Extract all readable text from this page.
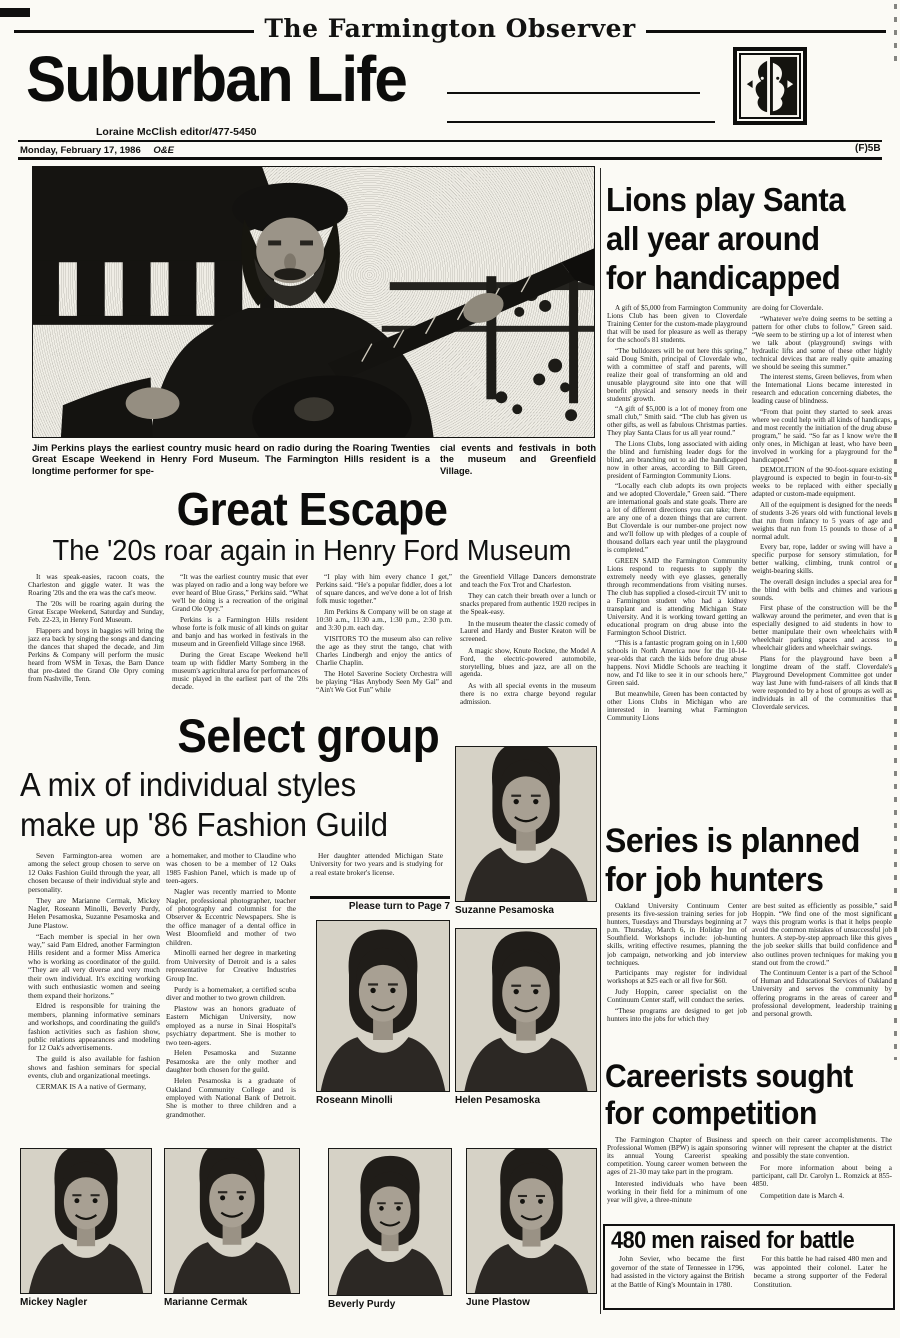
The Farmington Observer
Suburban Life
Loraine McClish editor/477-5450
Monday, February 17, 1986 O&E	(F)5B
Jim Perkins plays the earliest country music heard on radio during the Roaring Twenties Great Escape Weekend in Henry Ford Museum. The Farmington Hills resident is a longtime performer for spe-
cial events and festivals in both the museum and Greenfield Village.
Great Escape
The '20s roar again in Henry Ford Museum

It was speak-easies, racoon coats, the Charleston and giggle water. It was the Roaring '20s and the era was the cat's meow.

The '20s will be roaring again during the Great Escape Weekend, Saturday and Sunday, Feb. 22-23, in Henry Ford Museum.

Flappers and boys in baggies will bring the jazz era back by singing the songs and dancing the dances that shaped the decade, and Jim Perkins & Company will perform the music heard from WSM in Texas, the Barn Dance that pre-dated the Grand Ole Opry coming from Nashville, Tenn.

“It was the earliest country music that ever was played on radio and a long way before we ever heard of Blue Grass,” Perkins said. “What we'll be doing is a recreation of the original Grand Ole Opry.”

Perkins is a Farmington Hills resident whose forte is folk music of all kinds on guitar and banjo and has worked in festivals in the museum and in Greenfield Village since 1968.

During the Great Escape Weekend he'll team up with fiddler Marty Somberg in the museum's agricultural area for performances of music played in the earliest part of the '20s decade.

“I play with him every chance I get,” Perkins said. “He's a popular fiddler, does a lot of square dances, and we've done a lot of Irish folk music together.”

Jim Perkins & Company will be on stage at 10:30 a.m., 11:30 a.m., 1:30 p.m., 2:30 p.m. and 3:30 p.m. each day.

VISITORS TO the museum also can relive the age as they strut the tango, chat with Charles Lindbergh and enjoy the antics of Charlie Chaplin.

The Hotel Saverine Society Orchestra will be playing “Has Anybody Seen My Gal” and “Ain't We Got Fun” while

the Greenfield Village Dancers demonstrate and teach the Fox Trot and Charleston.

They can catch their breath over a lunch or snacks prepared from authentic 1920 recipes in the Speak-easy.

In the museum theater the classic comedy of Laurel and Hardy and Buster Keaton will be screened.

A magic show, Knute Rockne, the Model A Ford, the electric-powered automobile, storytelling, blues and jazz, are all on the agenda.

As with all special events in the museum there is no extra charge beyond regular admission.

Select group
A mix of individual styles
make up '86 Fashion Guild

Seven Farmington-area women are among the select group chosen to serve on 12 Oaks Fashion Guild through the year, all chosen because of their individual style and personality.

They are Marianne Cermak, Mickey Nagler, Roseann Minolli, Beverly Purdy, Helen Pesamoska, Suzanne Pesamoska and June Plastow.

“Each member is special in her own way,” said Pam Eldred, another Farmington Hills resident and a former Miss America who is working as coordinator of the guild. “They are all very diverse and very much their own individual. It's exciting working with such enthusiastic women and seeing them expand their horizons.”

Eldred is responsible for training the members, planning informative seminars and workshops, and coordinating the guild's fashion activities such as fashion show, public relations appearances and modeling for 12 Oak's advertisements.

The guild is also available for fashion shows and fashion seminars for special events, club and organizational meetings.

CERMAK IS A a native of Germany,

a homemaker, and mother to Claudine who was chosen to be a member of 12 Oaks 1985 Fashion Panel, which is made up of teen-agers.

Nagler was recently married to Monte Nagler, professional photographer, teacher of photography and columnist for the Observer & Eccentric Newspapers. She is the office manager of a dental office in West Bloomfield and mother of two children.

Minolli earned her degree in marketing from University of Detroit and is a sales representative for Creative Industries Group Inc.

Purdy is a homemaker, a certified scuba diver and mother to two grown children.

Plastow was an honors graduate of Eastern Michigan University, now employed as a nurse in Sinai Hospital's psychiatry department. She is mother to two teen-agers.

Helen Pesamoska and Suzanne Pesamoska are the only mother and daughter both chosen for the guild.

Helen Pesamoska is a graduate of Oakland Community College and is employed with National Bank of Detroit. She is mother to three children and a grandmother.

Her daughter attended Michigan State University for two years and is studying for a real estate broker's license.

Please turn to Page 7 Suzanne Pesamoska
Roseann Minolli	Helen Pesamoska
Mickey Nagler	Marianne Cermak	Beverly Purdy	June Plastow
Lions play Santa
all year around
for handicapped

A gift of $5,000 from Farmington Community Lions Club has been given to Cloverdale Training Center for the custom-made playground that will be used for pleasure as well as therapy for the school's 81 students.

“The bulldozers will be out here this spring,” said Doug Smith, principal of Cloverdale who, with a committee of staff and parents, will realize their goal of transforming an old and unusable playground site into one that will benefit physical and sensory needs in their students' growth.

“A gift of $5,000 is a lot of money from one small club,” Smith said. “The club has given us other gifts, as well as fabulous Christmas parties. They play Santa Claus for us all year round.”

The Lions Clubs, long associated with aiding the blind and furnishing leader dogs for the blind, are branching out to aid the handicapped now in other areas, according to Bill Green, president of Farmington Community Lions.

“Locally each club adopts its own projects and we adopted Cloverdale,” Green said. “There are international goals and state goals. There are a lot of different directions you can take; there are any one of a dozen things that are current. But Cloverdale is our number-one project now and we'll follow up with pledges of a couple of thousand dollars each year until the playground is completed.”

GREEN SAID the Farmington Community Lions respond to requests to supply the extremely needy with eye glasses, generally through recommendations from visiting nurses. The club has supplied a closed-circuit TV unit to a Farmington student who had a kidney transplant and is attending Michigan State University. And it is working toward getting an educational program on drug abuse into the Farmington School District.

“This is a fantastic program going on in 1,600 schools in North America now for the 10-14-year-olds that catch the kids before drug abuse happens. Novi Middle Schools are teaching it now, and I'd like to see it in our schools here,” Green said.

But meanwhile, Green has been contacted by other Lions Clubs in Michigan who are interested in learning what Farmington Community Lions

are doing for Cloverdale.

“Whatever we're doing seems to be setting a pattern for other clubs to follow,” Green said. “We seem to be stirring up a lot of interest when we talk about (playground) swings with hydraulic lifts and some of these other highly technical devices that are really quite amazing we should be seeing this summer.”

The interest stems, Green believes, from when the International Lions became interested in research and education concerning diabetes, the leading cause of blindness.

“From that point they started to seek areas where we could help with all kinds of handicaps, and most recently the initiation of the drug abuse program,” he said. “So far as I know we're the only ones, in Michigan at least, who have been involved in working for a playground for the handicapped.”

DEMOLITION of the 90-foot-square existing playground is expected to begin in four-to-six weeks to be replaced with either specially adapted or custom-made equipment.

All of the equipment is designed for the needs of students 3-26 years old with functional levels that run from infancy to 5 years of age and weights that run from 15 pounds to those of a normal adult.

Every bar, rope, ladder or swing will have a specific purpose for sensory stimulation, for better walking, climbing, trunk control or weight-bearing skills.

The overall design includes a special area for the blind with bells and chimes and various sounds.

First phase of the construction will be the walkway around the perimeter, and even that is especially designed to aid students in how to better manipulate their own wheelchairs with wheelchair parking spaces and access to wheelchair gliders and wheelchair swings.

Plans for the playground have been a longtime dream of the staff. Cloverdale's Playground Development Committee got under way last June with fund-raisers of all kinds that were responded to by a host of groups as well as individuals in all of the communities that Cloverdale services.

Series is planned
for job hunters

Oakland University Continuum Center presents its five-session training series for job hunters, Tuesdays and Thursdays beginning at 7 p.m. Thursday, March 6, in Holiday Inn of Southfield. Workshops include: job-hunting skills, writing effective resumes, planning the job campaign, networking and job interview techniques.

Participants may register for individual workshops at $25 each or all five for $60.

Judy Hoppin, career specialist on the Continuum Center staff, will conduct the series.

“These programs are designed to get job hunters into the jobs for which they

are best suited as efficiently as possible,” said Hoppin. “We find one of the most significant ways this program works is that it helps people avoid the common mistakes of unsuccessful job hunters. A step-by-step approach like this gives the job seeker skills that build confidence and also outlines proven techniques for making you stand out from the crowd.”

The Continuum Center is a part of the School of Human and Educational Services of Oakland University and serves the community by offering programs in the areas of career and professional development, leadership training and personal growth.

Careerists sought
for competition

The Farmington Chapter of Business and Professional Women (BPW) is again sponsoring its annual Young Careerist speaking competition. Young career women between the ages of 21-30 may take part in the program.

Interested individuals who have been working in their field for a minimum of one year will give, a three-minute

speech on their career accomplishments. The winner will represent the chapter at the district and possibly the state convention.

For more information about being a participant, call Dr. Carolyn L. Romzick at 855-4850.

Competition date is March 4.

480 men raised for battle

John Sevier, who became the first governor of the state of Tennessee in 1796, had assisted in the victory against the British at the Battle of King's Mountain in 1780.

For this battle he had raised 480 men and was appointed their colonel. Later he became a strong supporter of the Federal Constitution.
